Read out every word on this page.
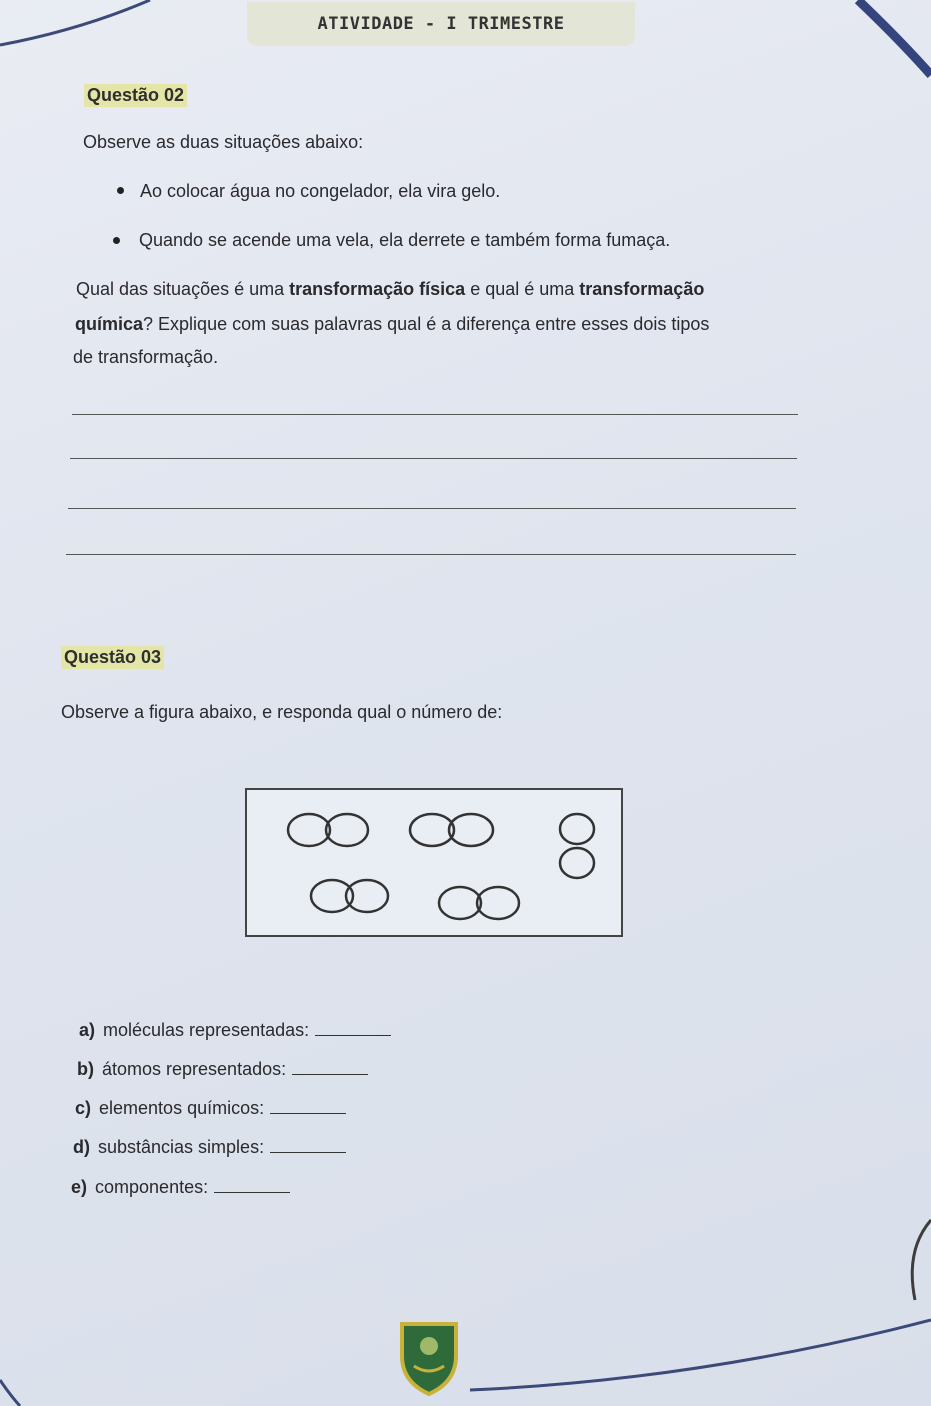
ATIVIDADE - I TRIMESTRE
Questão 02
Observe as duas situações abaixo:
Ao colocar água no congelador, ela vira gelo.
Quando se acende uma vela, ela derrete e também forma fumaça.
Qual das situações é uma transformação física e qual é uma transformação
química? Explique com suas palavras qual é a diferença entre esses dois tipos
de transformação.
Questão 03
Observe a figura abaixo, e responda qual o número de:
a) moléculas representadas:
b) átomos representados:
c) elementos químicos:
d) substâncias simples:
e) componentes:
